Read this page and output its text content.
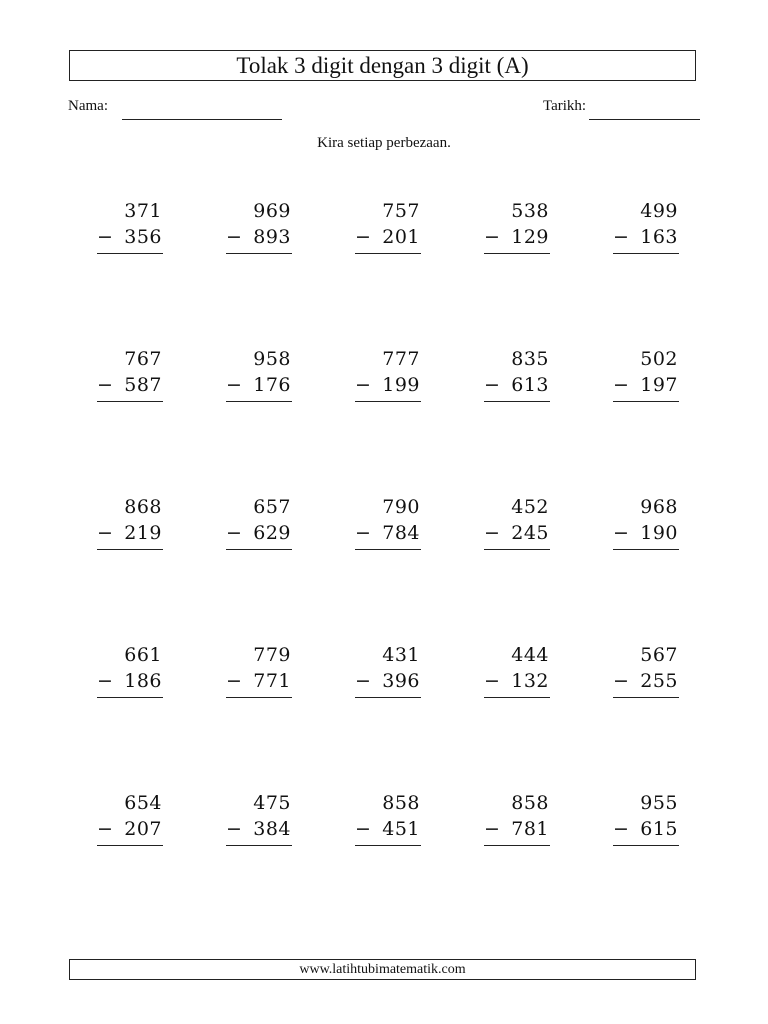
Tolak 3 digit dengan 3 digit (A)
Nama:	Tarikh:
Kira setiap perbezaan.
371
− 356
969
− 893
757
− 201
538
− 129
499
− 163
767
− 587
958
− 176
777
− 199
835
− 613
502
− 197
868
− 219
657
− 629
790
− 784
452
− 245
968
− 190
661
− 186
779
− 771
431
− 396
444
− 132
567
− 255
654
− 207
475
− 384
858
− 451
858
− 781
955
− 615
www.latihtubimatematik.com
